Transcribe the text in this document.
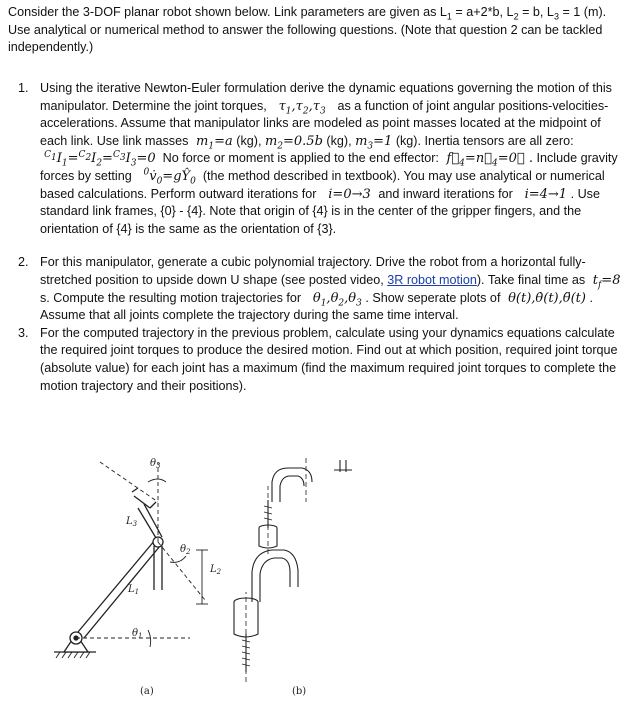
Consider the 3-DOF planar robot shown below. Link parameters are given as $L_1 = a+2*b$, $L_2 = b$, $L_3 = 1$ (m).

Use analytical or numerical method to answer the following questions. (Note that question 2 can be tackled independently.)

1. Using the iterative Newton-Euler formulation derive the dynamic equations governing the motion of this manipulator. Determine the joint torques, $\tau_1,\tau_2,\tau_3$ as a function of joint angular positions-velocities-accelerations. Assume that manipulator links are modeled as point masses located at the midpoint of each link. Use link masses $m_1=a$ (kg), $m_2=0.5b$ (kg), $m_3=1$ (kg). Inertia tensors are all zero:  $^{C_1}I_1=^{C_2}I_2=^{C_3}I_3=0$ No force or moment is applied to the end effector:  $f⃗_4=n⃗_4=0⃗$ . Include gravity forces by setting $^0v_0=gY_0$ (the method described in textbook). You may use analytical or numerical based calculations. Perform outward iterations for i=0→3 and inward iterations for i=4→1 . Use standard link frames, {0} - {4}. Note that origin of {4} is in the center of the gripper fingers, and the orientation of {4} is the same as the orientation of {3}.
2. For this manipulator, generate a cubic polynomial trajectory. Drive the robot from a horizontal fully-stretched position to upside down U shape (see posted video, 3R robot motion). Take final time as  $t_f=8$ s. Compute the resulting motion trajectories for $\theta_1,\theta_2,\theta_3$ . Show seperate plots of θ(t),θ̇(t),θ̈(t) . Assume that all joints complete the trajectory during the same time interval.
3. For the computed trajectory in the previous problem, calculate using your dynamics equations calculate the required joint torques to produce the desired motion. Find out at which position, required joint torque (absolute value) for each joint has a maximum (find the maximum required joint torques to complete the motion trajectory and their positions).
$L_1$
$L_2$
$L_3$
$\theta_1$
$\theta_2$
$\theta_3$
(a)	(b)
